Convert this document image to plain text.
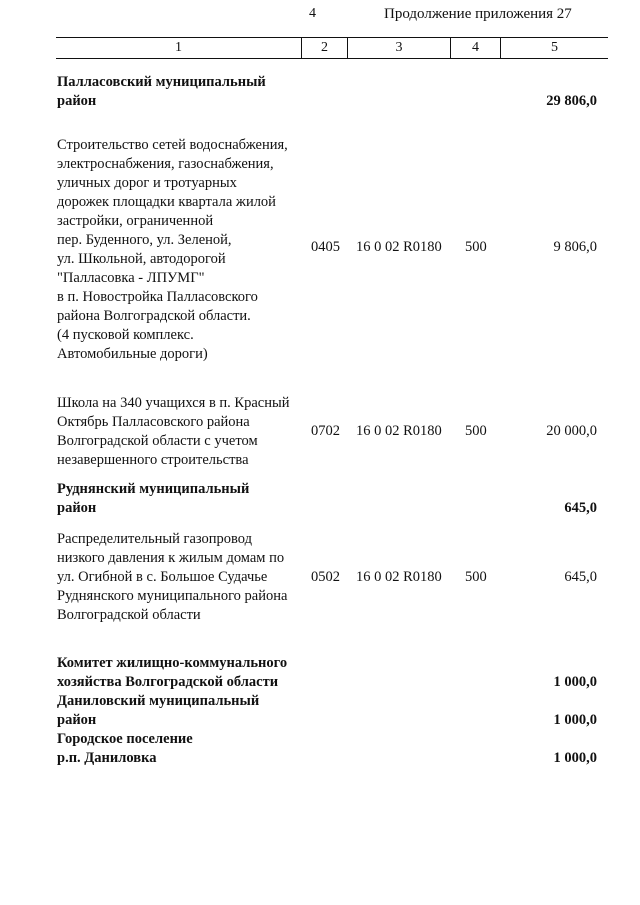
4	Продолжение приложения 27
1	2	3	4	5
Палласовский муниципальный
район	29 806,0
Строительство сетей водоснабжения,
электроснабжения, газоснабжения,
уличных дорог и тротуарных
дорожек площадки квартала жилой
застройки, ограниченной
пер. Буденного, ул. Зеленой,
ул. Школьной, автодорогой
"Палласовка - ЛПУМГ"
в п. Новостройка Палласовского
района Волгоградской области.
(4 пусковой комплекс.
Автомобильные дороги)
0405	16 0 02 R0180	500	9 806,0
Школа на 340 учащихся в п. Красный
Октябрь Палласовского района
Волгоградской области с учетом
незавершенного строительства
0702	16 0 02 R0180	500	20 000,0
Руднянский муниципальный
район	645,0
Распределительный газопровод
низкого давления к жилым домам по
ул. Огибной в с. Большое Судачье
Руднянского муниципального района
Волгоградской области
0502	16 0 02 R0180	500	645,0
Комитет жилищно-коммунального
хозяйства Волгоградской области	1 000,0
Даниловский муниципальный
район	1 000,0
Городское поселение
р.п. Даниловка	1 000,0
